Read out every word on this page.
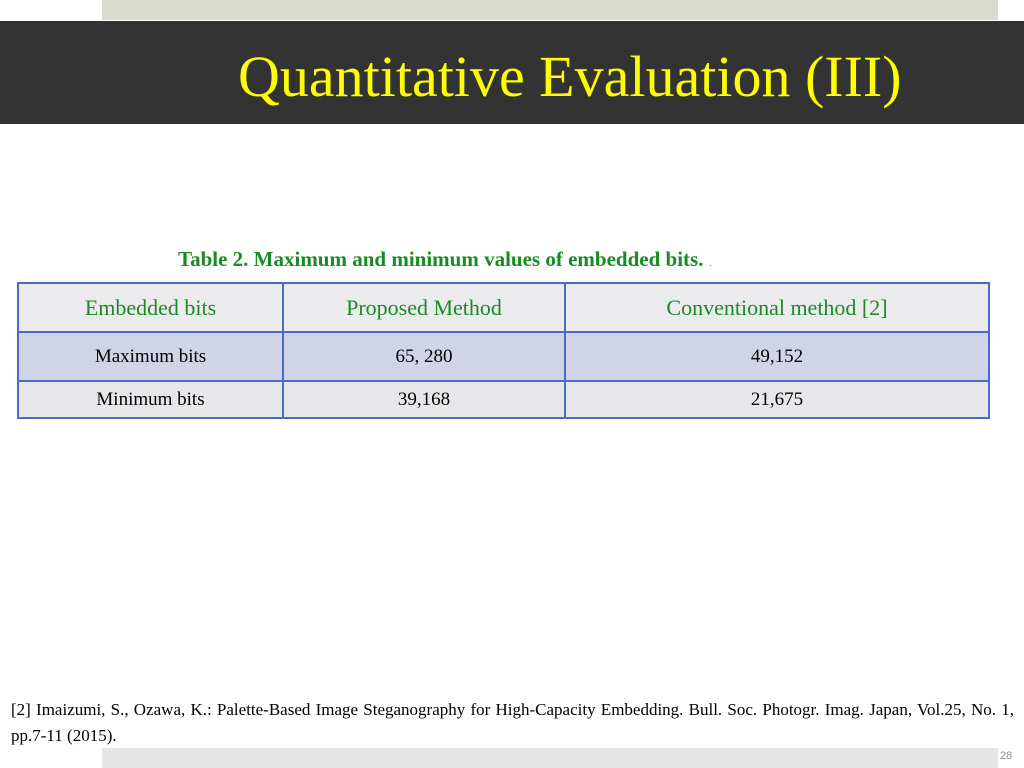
Quantitative Evaluation (III)
Table 2. Maximum and minimum values of embedded bits. .
Embedded bits	Proposed Method	Conventional method [2]
Maximum bits	65, 280	49,152
Minimum bits	39,168	21,675

[2] Imaizumi, S., Ozawa, K.: Palette-Based Image Steganography for High-Capacity Embedding. Bull. Soc. Photogr. Imag. Japan, Vol.25, No. 1, pp.7-11 (2015).

28
